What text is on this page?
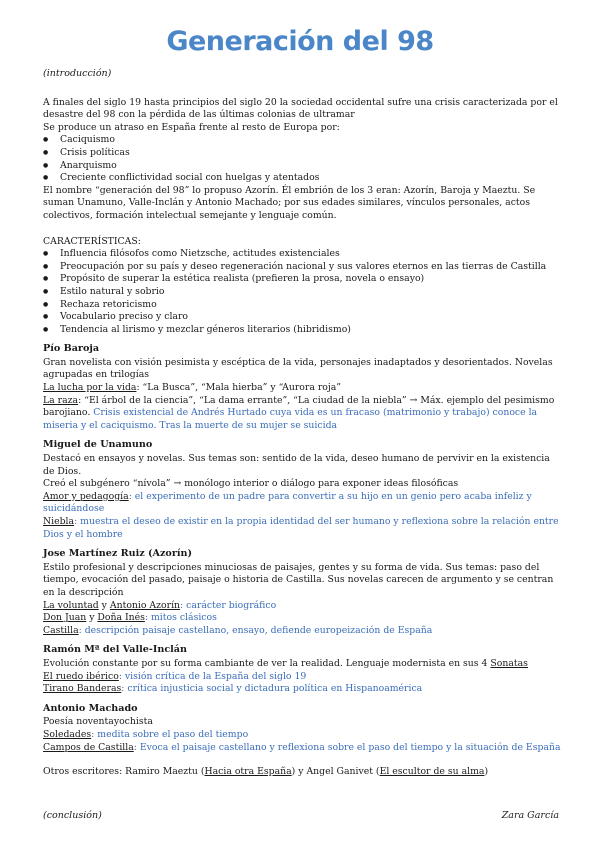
Generación del 98

(introducción)

A finales del siglo 19 hasta principios del siglo 20 la sociedad occidental sufre una crisis caracterizada por el desastre del 98 con la pérdida de las últimas colonias de ultramar

Se produce un atraso en España frente al resto de Europa por:

● Caciquismo
● Crisis políticas
● Anarquismo
● Creciente conflictividad social con huelgas y atentados

El nombre “generación del 98” lo propuso Azorín. Él embrión de los 3 eran: Azorín, Baroja y Maeztu. Se suman Unamuno, Valle-Inclán y Antonio Machado; por sus edades similares, vínculos personales, actos colectivos, formación intelectual semejante y lenguaje común.

CARACTERÍSTICAS:

● Influencia filósofos como Nietzsche, actitudes existenciales
● Preocupación por su país y deseo regeneración nacional y sus valores eternos en las tierras de Castilla
● Propósito de superar la estética realista (prefieren la prosa, novela o ensayo)
● Estilo natural y sobrio
● Rechaza retoricismo
● Vocabulario preciso y claro
● Tendencia al lirismo y mezclar géneros literarios (hibridismo)

Pío Baroja

Gran novelista con visión pesimista y escéptica de la vida, personajes inadaptados y desorientados. Novelas agrupadas en trilogías

La lucha por la vida: “La Busca”, “Mala hierba” y “Aurora roja”

La raza: “El árbol de la ciencia”, “La dama errante”, “La ciudad de la niebla” → Máx. ejemplo del pesimismo barojiano. Crisis existencial de Andrés Hurtado cuya vida es un fracaso (matrimonio y trabajo) conoce la miseria y el caciquismo. Tras la muerte de su mujer se suicida

Miguel de Unamuno

Destacó en ensayos y novelas. Sus temas son: sentido de la vida, deseo humano de pervivir en la existencia de Dios.

Creó el subgénero “nívola” → monólogo interior o diálogo para exponer ideas filosóficas

Amor y pedagogía: el experimento de un padre para convertir a su hijo en un genio pero acaba infeliz y suicidándose

Niebla: muestra el deseo de existir en la propia identidad del ser humano y reflexiona sobre la relación entre Dios y el hombre

Jose Martínez Ruiz (Azorín)

Estilo profesional y descripciones minuciosas de paisajes, gentes y su forma de vida. Sus temas: paso del tiempo, evocación del pasado, paisaje o historia de Castilla. Sus novelas carecen de argumento y se centran en la descripción

La voluntad y Antonio Azorín: carácter biográfico

Don Juan y Doña Inés: mitos clásicos

Castilla: descripción paisaje castellano, ensayo, defiende europeización de España

Ramón Mª del Valle-Inclán

Evolución constante por su forma cambiante de ver la realidad. Lenguaje modernista en sus 4 Sonatas

El ruedo ibérico: visión crítica de la España del siglo 19

Tirano Banderas: crítica injusticia social y dictadura política en Hispanoamérica

Antonio Machado

Poesía noventayochista

Soledades: medita sobre el paso del tiempo

Campos de Castilla: Evoca el paisaje castellano y reflexiona sobre el paso del tiempo y la situación de España

Otros escritores: Ramiro Maeztu (Hacia otra España) y Angel Ganivet (El escultor de su alma)

(conclusión)	Zara García
